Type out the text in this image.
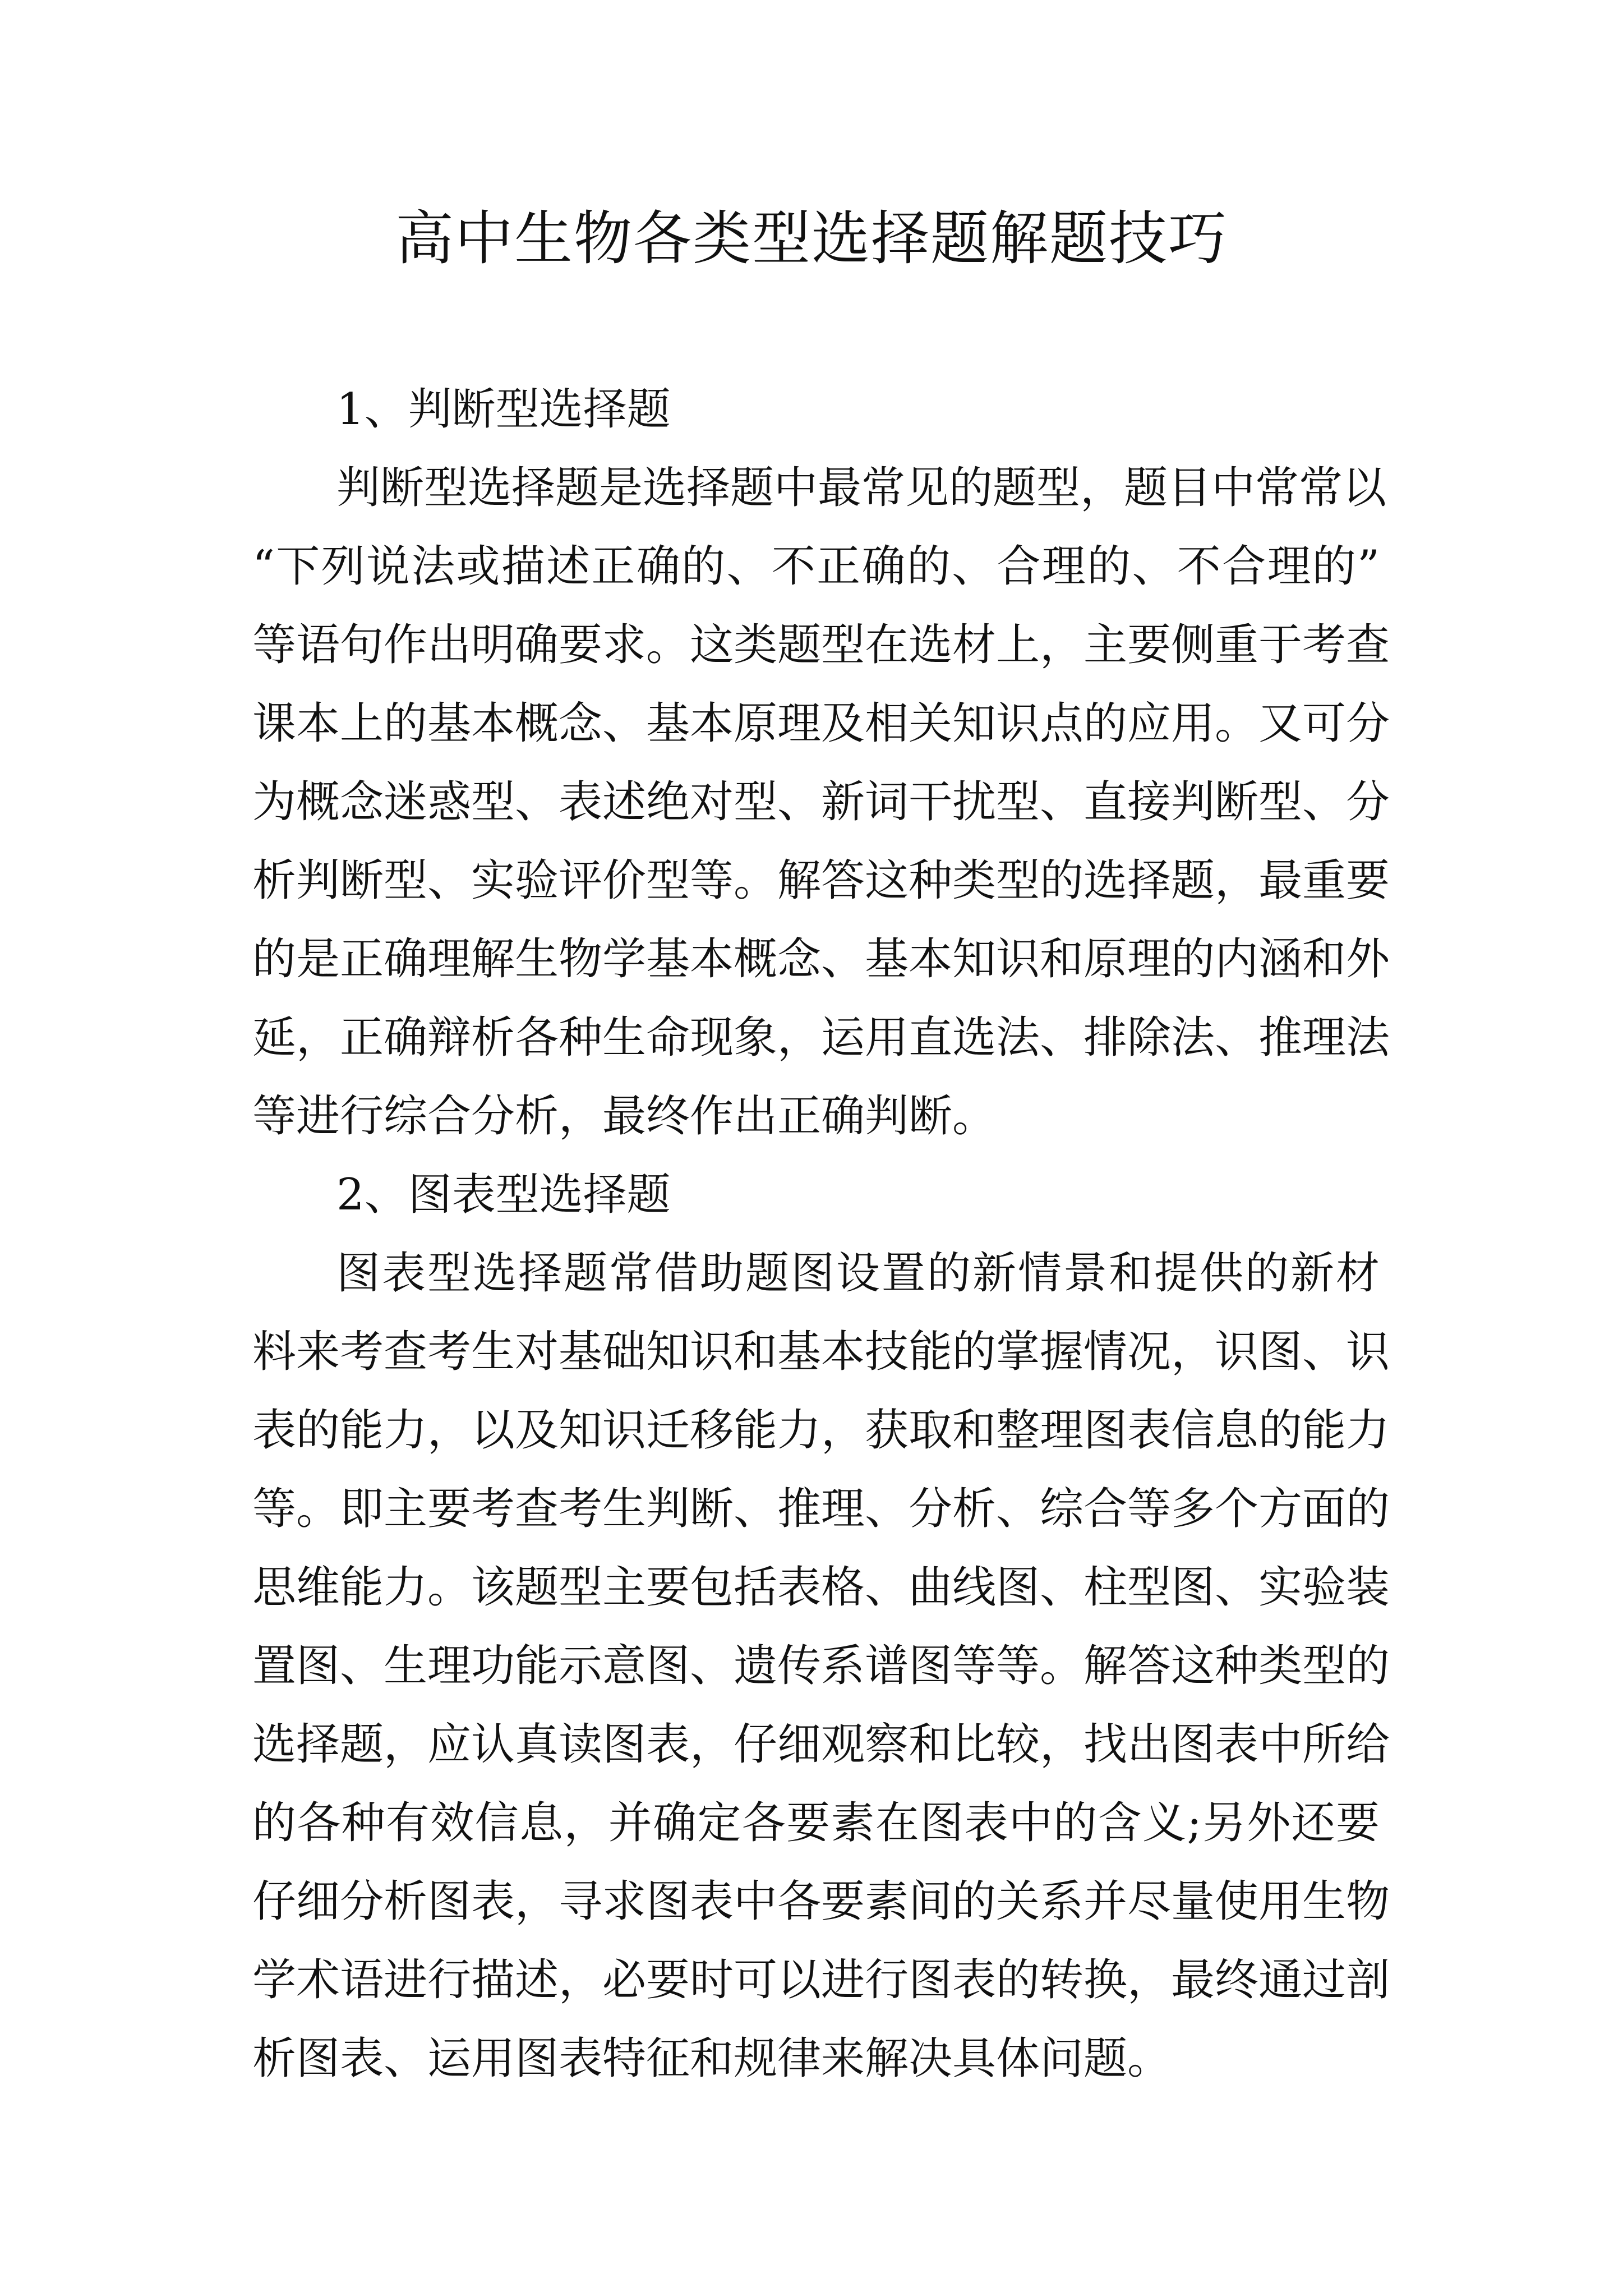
高中生物各类型选择题解题技巧

1、判断型选择题

判断型选择题是选择题中最常见的题型，题目中常常以

“下列说法或描述正确的、不正确的、合理的、不合理的”

等语句作出明确要求。这类题型在选材上，主要侧重于考查

课本上的基本概念、基本原理及相关知识点的应用。又可分

为概念迷惑型、表述绝对型、新词干扰型、直接判断型、分

析判断型、实验评价型等。解答这种类型的选择题，最重要

的是正确理解生物学基本概念、基本知识和原理的内涵和外

延，正确辩析各种生命现象，运用直选法、排除法、推理法

等进行综合分析，最终作出正确判断。

2、图表型选择题

图表型选择题常借助题图设置的新情景和提供的新材

料来考查考生对基础知识和基本技能的掌握情况，识图、识

表的能力，以及知识迁移能力，获取和整理图表信息的能力

等。即主要考查考生判断、推理、分析、综合等多个方面的

思维能力。该题型主要包括表格、曲线图、柱型图、实验装

置图、生理功能示意图、遗传系谱图等等。解答这种类型的

选择题，应认真读图表，仔细观察和比较，找出图表中所给

的各种有效信息，并确定各要素在图表中的含义;另外还要

仔细分析图表，寻求图表中各要素间的关系并尽量使用生物

学术语进行描述，必要时可以进行图表的转换，最终通过剖

析图表、运用图表特征和规律来解决具体问题。
